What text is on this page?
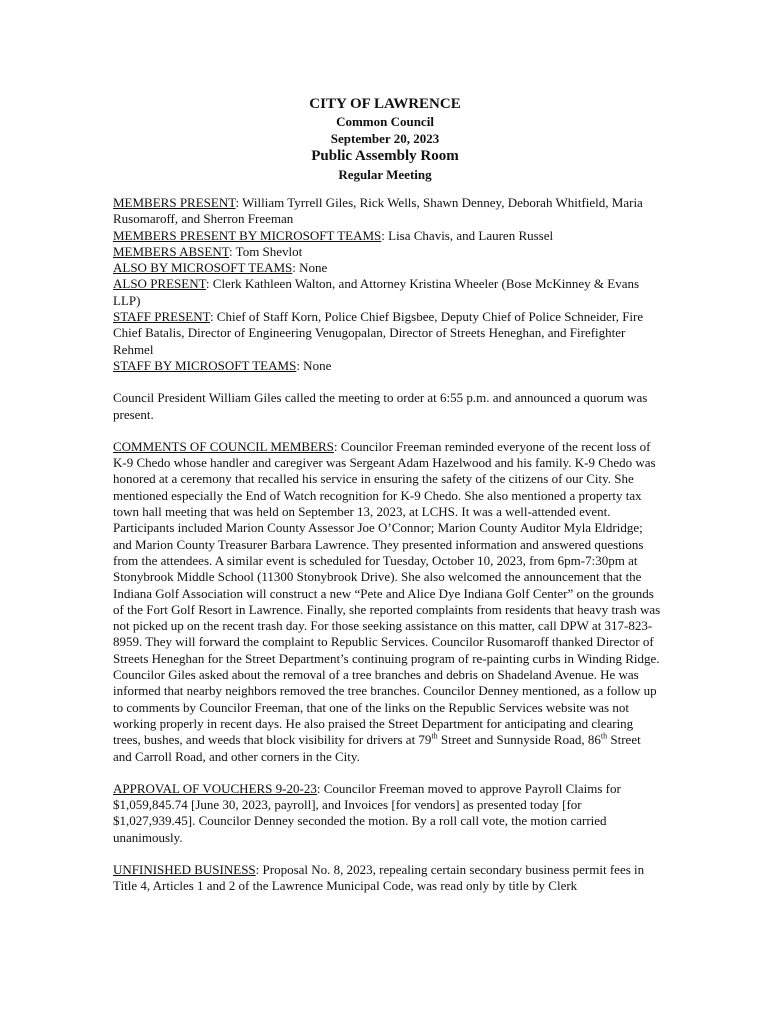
CITY OF LAWRENCE
Common Council
September 20, 2023
Public Assembly Room
Regular Meeting

MEMBERS PRESENT: William Tyrrell Giles, Rick Wells, Shawn Denney, Deborah Whitfield, Maria Rusomaroff, and Sherron Freeman
MEMBERS PRESENT BY MICROSOFT TEAMS: Lisa Chavis, and Lauren Russel
MEMBERS ABSENT: Tom Shevlot
ALSO BY MICROSOFT TEAMS: None
ALSO PRESENT: Clerk Kathleen Walton, and Attorney Kristina Wheeler (Bose McKinney & Evans LLP)
STAFF PRESENT: Chief of Staff Korn, Police Chief Bigsbee, Deputy Chief of Police Schneider, Fire Chief Batalis, Director of Engineering Venugopalan, Director of Streets Heneghan, and Firefighter Rehmel
STAFF BY MICROSOFT TEAMS: None

Council President William Giles called the meeting to order at 6:55 p.m. and announced a quorum was present.

COMMENTS OF COUNCIL MEMBERS: Councilor Freeman reminded everyone of the recent loss of K-9 Chedo whose handler and caregiver was Sergeant Adam Hazelwood and his family. K-9 Chedo was honored at a ceremony that recalled his service in ensuring the safety of the citizens of our City. She mentioned especially the End of Watch recognition for K-9 Chedo. She also mentioned a property tax town hall meeting that was held on September 13, 2023, at LCHS. It was a well-attended event. Participants included Marion County Assessor Joe O’Connor; Marion County Auditor Myla Eldridge; and Marion County Treasurer Barbara Lawrence. They presented information and answered questions from the attendees. A similar event is scheduled for Tuesday, October 10, 2023, from 6pm-7:30pm at Stonybrook Middle School (11300 Stonybrook Drive). She also welcomed the announcement that the Indiana Golf Association will construct a new “Pete and Alice Dye Indiana Golf Center” on the grounds of the Fort Golf Resort in Lawrence. Finally, she reported complaints from residents that heavy trash was not picked up on the recent trash day. For those seeking assistance on this matter, call DPW at 317-823-8959. They will forward the complaint to Republic Services. Councilor Rusomaroff thanked Director of Streets Heneghan for the Street Department’s continuing program of re-painting curbs in Winding Ridge. Councilor Giles asked about the removal of a tree branches and debris on Shadeland Avenue. He was informed that nearby neighbors removed the tree branches. Councilor Denney mentioned, as a follow up to comments by Councilor Freeman, that one of the links on the Republic Services website was not working properly in recent days. He also praised the Street Department for anticipating and clearing trees, bushes, and weeds that block visibility for drivers at 79th Street and Sunnyside Road, 86th Street and Carroll Road, and other corners in the City.

APPROVAL OF VOUCHERS 9-20-23: Councilor Freeman moved to approve Payroll Claims for $1,059,845.74 [June 30, 2023, payroll], and Invoices [for vendors] as presented today [for $1,027,939.45]. Councilor Denney seconded the motion. By a roll call vote, the motion carried unanimously.

UNFINISHED BUSINESS: Proposal No. 8, 2023, repealing certain secondary business permit fees in Title 4, Articles 1 and 2 of the Lawrence Municipal Code, was read only by title by Clerk
